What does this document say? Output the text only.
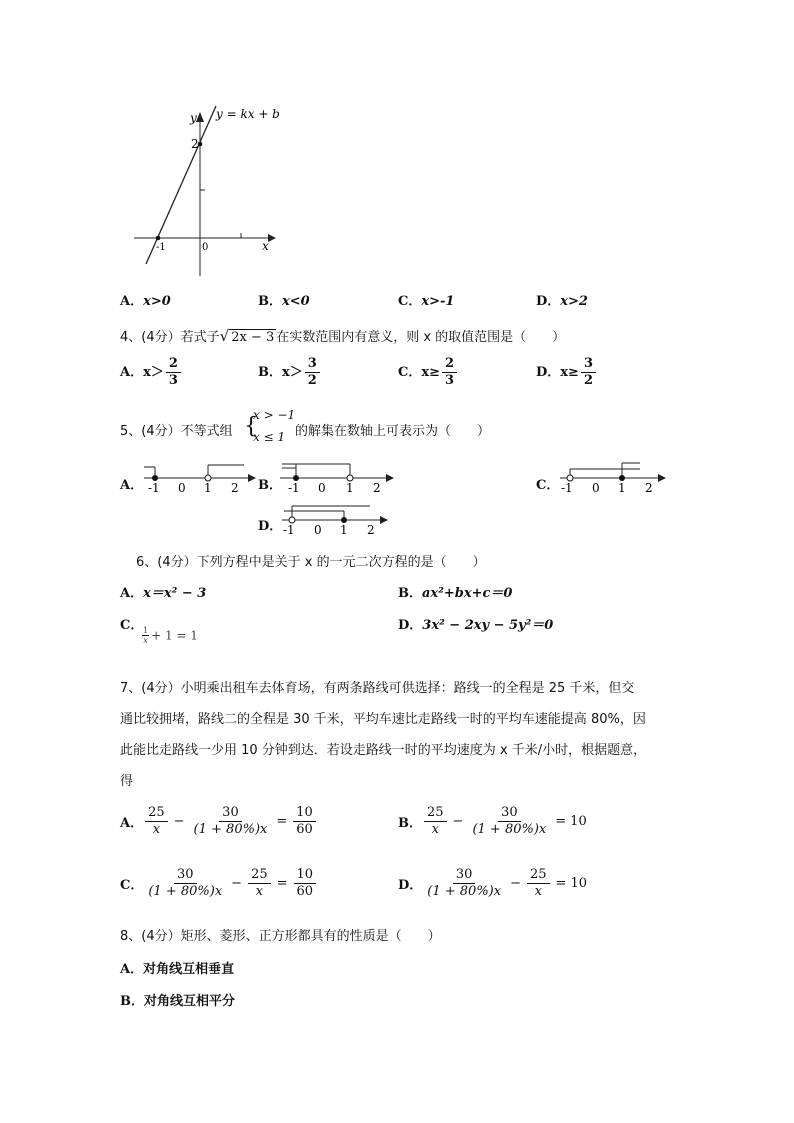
y = kx + b
y
x
2
-1	0
A．x>0	B．x<0	C．x>-1	D．x>2
4、(4分）若式子√ 2x − 3 在实数范围内有意义，则 x 的取值范围是（　　）
A．$x> \frac{2}{3}$	B．$x> \frac{3}{2}$	C．$x\ge \frac{2}{3}$	D．$x\ge \frac{3}{2}$
5、(4分）不等式组 {
x > −1
x ≤ 1 的解集在数轴上可表示为（　　）
A． -1 0 1 2 B． -1 0 1 2	C． -1 0 1 2
D． -1 0 1 2
6、(4分）下列方程中是关于 x 的一元二次方程的是（　　）
A．x＝x² − 3	B．ax²+bx+c＝0
C．
$\frac{1}{x} + 1 = 1$
D．3x² − 2xy − 5y²＝0
7、(4分）小明乘出租车去体育场，有两条路线可供选择：路线一的全程是 25 千米，但交
通比较拥堵，路线二的全程是 30 千米，平均车速比走路线一时的平均车速能提高 80%，因
此能比走路线一少用 10 分钟到达．若设走路线一时的平均速度为 x 千米/小时，根据题意，
得
A． $\frac{25}{x} - \frac{30}{(1 + 80\%)x} = \frac{10}{60}$	B． $\frac{25}{x} - \frac{30}{(1 + 80\%)x} = 10$
C． $\frac{30}{(1 + 80\%)x} - \frac{25}{x} = \frac{10}{60}$	D． $\frac{30}{(1 + 80\%)x} - \frac{25}{x} = 10$
8、(4分）矩形、菱形、正方形都具有的性质是（　　）
A．对角线互相垂直
B．对角线互相平分
